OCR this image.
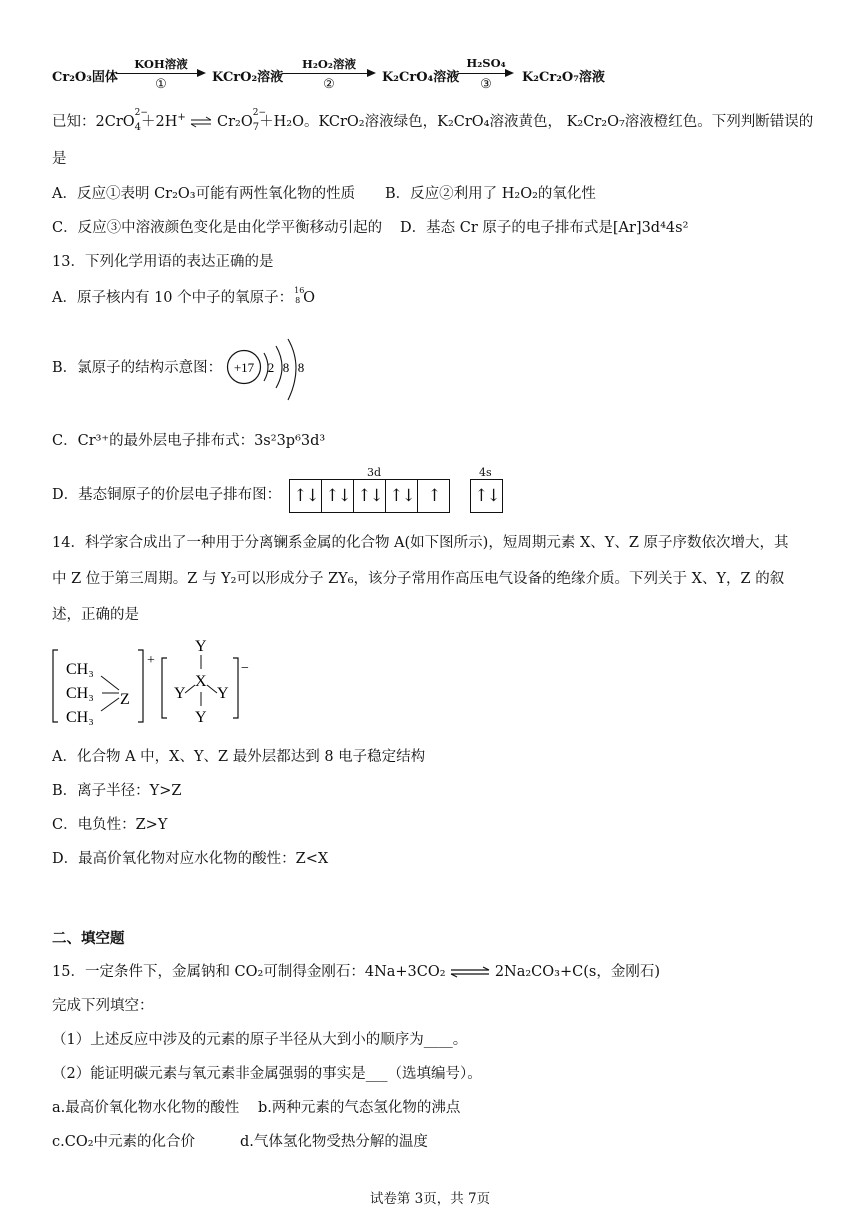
Cr₂O₃固体
KOH溶液
①	KCrO₂溶液
H₂O₂溶液
②	K₂CrO₄溶液
H₂SO₄
③	K₂Cr₂O₇溶液
已知：2CrO
$_{2- 4}$＋2H+ ⇌ Cr₂O
$_{2- 7}$＋H₂O。KCrO₂溶液绿色，K₂CrO₄溶液黄色， K₂Cr₂O₇溶液橙红色。下列判断错误的
是
A．反应①表明 Cr₂O₃可能有两性氧化物的性质 B．反应②利用了 H₂O₂的氧化性
C．反应③中溶液颜色变化是由化学平衡移动引起的 D．基态 Cr 原子的电子排布式是[Ar]3d⁴4s²
13．下列化学用语的表达正确的是
A．原子核内有 10 个中子的氧原子： 16
8 O
B．氯原子的结构示意图： +17 2 8 8
C．Cr³⁺的最外层电子排布式：3s²3p⁶3d³
D．基态铜原子的价层电子排布图：
3d	4s
↑↓ ↑↓ ↑↓ ↑↓ ↑	↑↓
14．科学家合成出了一种用于分离镧系金属的化合物 A(如下图所示)，短周期元素 X、Y、Z 原子序数依次增大，其
中 Z 位于第三周期。Z 与 Y₂可以形成分子 ZY₆，该分子常用作高压电气设备的绝缘介质。下列关于 X、Y，Z 的叙
述，正确的是
CH₃
CH₃
CH₃
Z
+
Y
X
Y Y
Y
−
A．化合物 A 中，X、Y、Z 最外层都达到 8 电子稳定结构
B．离子半径：Y>Z
C．电负性：Z>Y
D．最高价氧化物对应水化物的酸性：Z<X
二、填空题
15．一定条件下，金属钠和 CO₂可制得金刚石：4Na+3CO₂ ⇌ 2Na₂CO₃+C(s，金刚石)
完成下列填空：
（1）上述反应中涉及的元素的原子半径从大到小的顺序为____。
（2）能证明碳元素与氧元素非金属强弱的事实是___（选填编号）。
a.最高价氧化物水化物的酸性 b.两种元素的气态氢化物的沸点
c.CO₂中元素的化合价	d.气体氢化物受热分解的温度
试卷第 3页，共 7页
